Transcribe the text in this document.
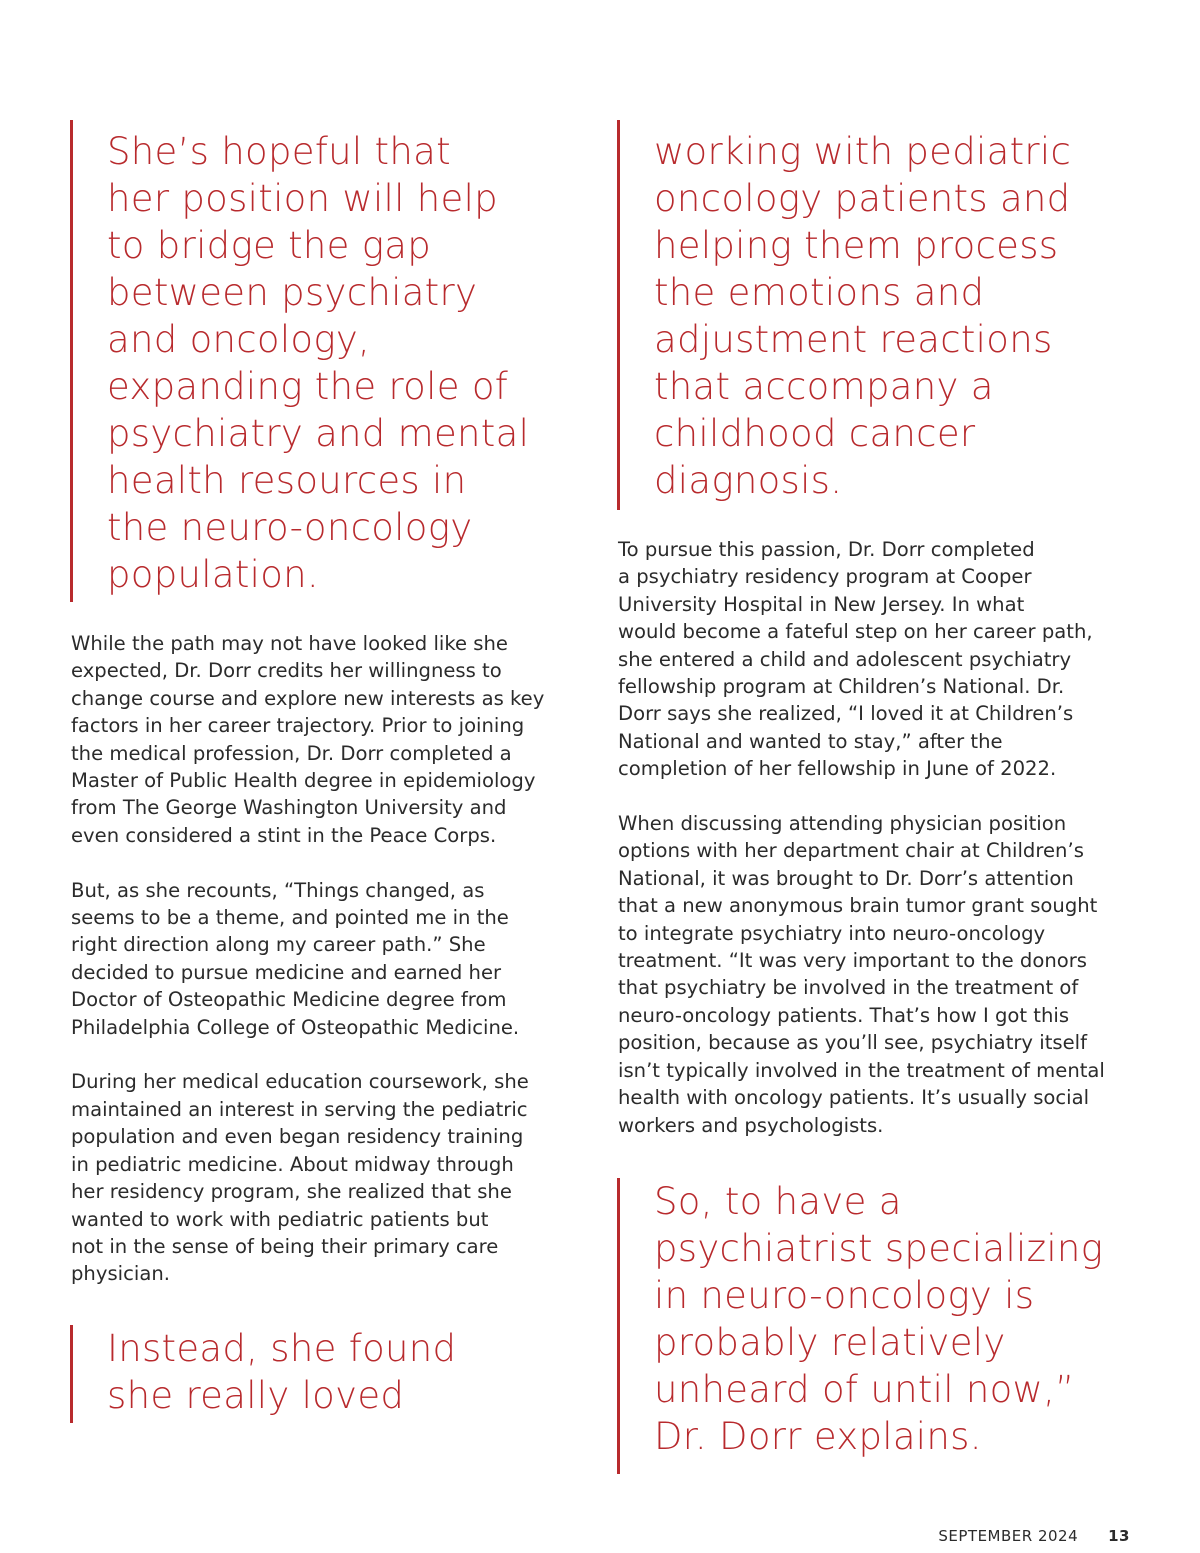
She’s hopeful that
her position will help
to bridge the gap
between psychiatry
and oncology,
expanding the role of
psychiatry and mental
health resources in
the neuro-oncology
population.

While the path may not have looked like she
expected, Dr. Dorr credits her willingness to
change course and explore new interests as key
factors in her career trajectory. Prior to joining
the medical profession, Dr. Dorr completed a
Master of Public Health degree in epidemiology
from The George Washington University and
even considered a stint in the Peace Corps.

But, as she recounts, “Things changed, as
seems to be a theme, and pointed me in the
right direction along my career path.” She
decided to pursue medicine and earned her
Doctor of Osteopathic Medicine degree from
Philadelphia College of Osteopathic Medicine.

During her medical education coursework, she
maintained an interest in serving the pediatric
population and even began residency training
in pediatric medicine. About midway through
her residency program, she realized that she
wanted to work with pediatric patients but
not in the sense of being their primary care
physician.

Instead, she found
she really loved
working with pediatric
oncology patients and
helping them process
the emotions and
adjustment reactions
that accompany a
childhood cancer
diagnosis.

To pursue this passion, Dr. Dorr completed
a psychiatry residency program at Cooper
University Hospital in New Jersey. In what
would become a fateful step on her career path,
she entered a child and adolescent psychiatry
fellowship program at Children’s National. Dr.
Dorr says she realized, “I loved it at Children’s
National and wanted to stay,” after the
completion of her fellowship in June of 2022.

When discussing attending physician position
options with her department chair at Children’s
National, it was brought to Dr. Dorr’s attention
that a new anonymous brain tumor grant sought
to integrate psychiatry into neuro-oncology
treatment. “It was very important to the donors
that psychiatry be involved in the treatment of
neuro-oncology patients. That’s how I got this
position, because as you’ll see, psychiatry itself
isn’t typically involved in the treatment of mental
health with oncology patients. It’s usually social
workers and psychologists.

So, to have a
psychiatrist specializing
in neuro-oncology is
probably relatively
unheard of until now,”
Dr. Dorr explains.
SEPTEMBER 2024 13
